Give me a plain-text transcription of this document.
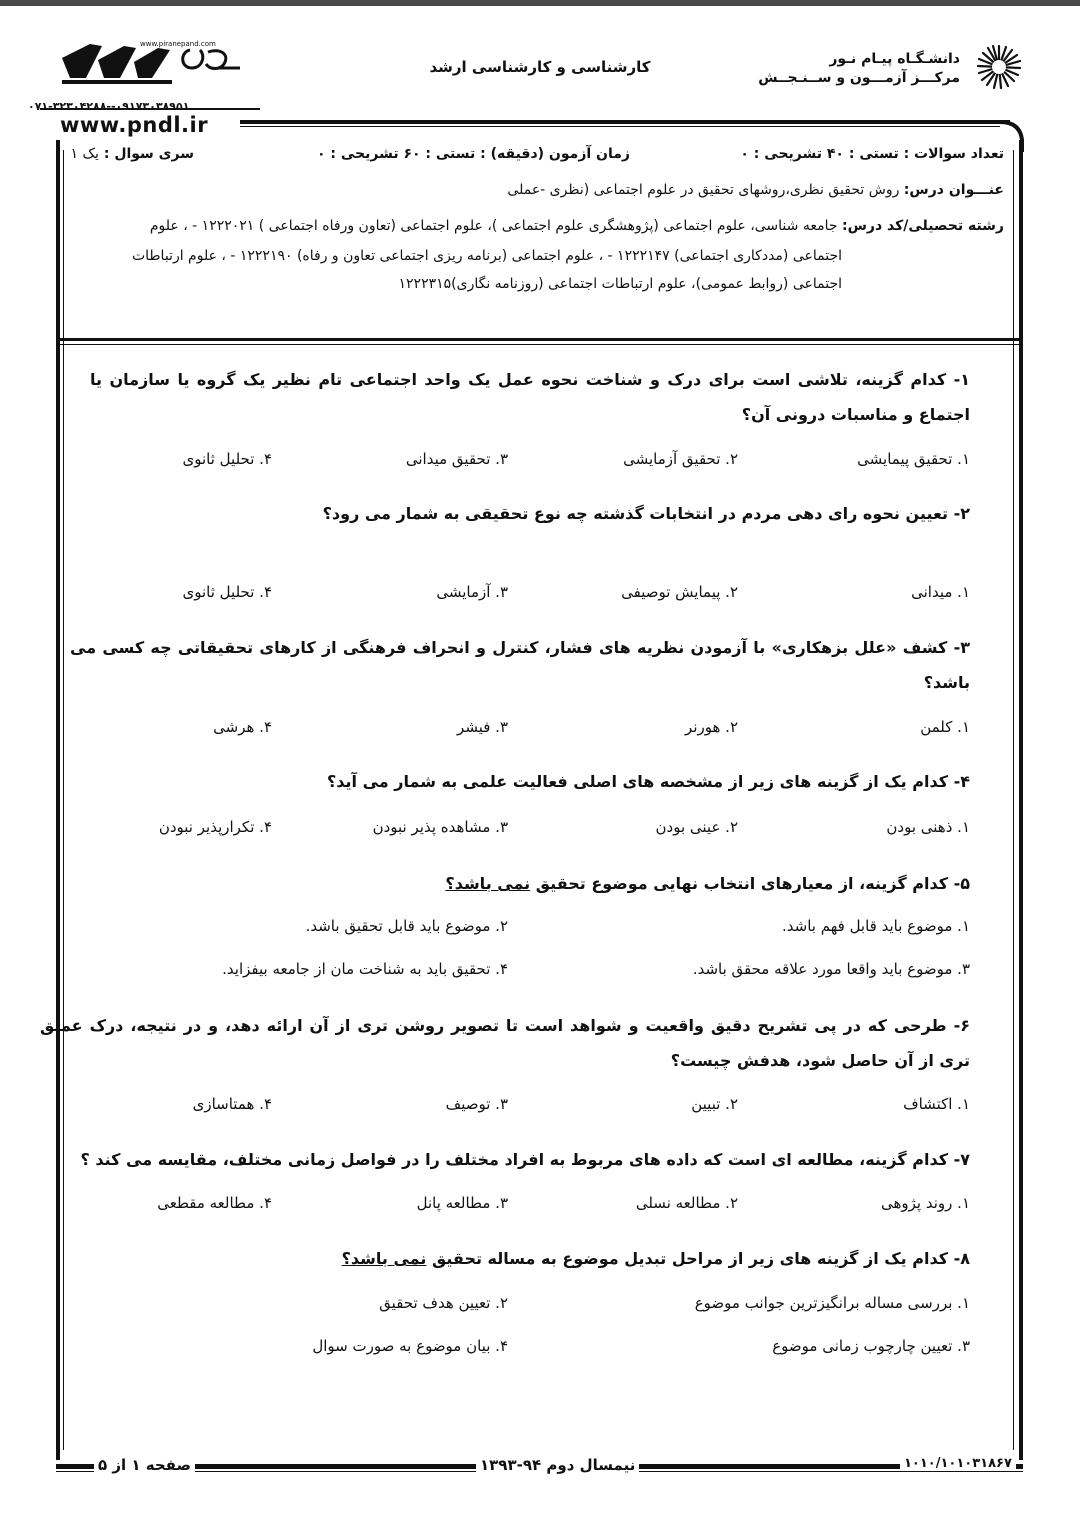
دانشـگـاه پیـام نـور
مرکـــز آزمـــون و ســنـجــش
کارشناسی و کارشناسی ارشد
www.piranepand.com
۰۷۱-۳۲۳۰۴۲۸۸--۰۹۱۷۳۰۳۸۹۵۱
www.pndl.ir
تعداد سوالات : تستی : ۴۰ تشریحی : ۰
زمان آزمون (دقیقه) : تستی : ۶۰ تشریحی : ۰
سری سوال : یک ۱
عنـــوان درس: روش تحقیق نظری،روشهای تحقیق در علوم اجتماعی (نظری -عملی
رشته تحصیلی/کد درس: جامعه شناسی، علوم اجتماعی (پژوهشگری علوم اجتماعی )، علوم اجتماعی (تعاون ورفاه اجتماعی ) ۱۲۲۲۰۲۱ - ، علوم
اجتماعی (مددکاری اجتماعی) ۱۲۲۲۱۴۷ - ، علوم اجتماعی (برنامه ریزی اجتماعی تعاون و رفاه) ۱۲۲۲۱۹۰ - ، علوم ارتباطات
اجتماعی (روابط عمومی)، علوم ارتباطات اجتماعی (روزنامه نگاری)۱۲۲۲۳۱۵
۱- کدام گزینه، تلاشی است برای درک و شناخت نحوه عمل یک واحد اجتماعی تام نظیر یک گروه یا سازمان یا اجتماع و مناسبات درونی آن؟
۱. تحقیق پیمایشی
۲. تحقیق آزمایشی
۳. تحقیق میدانی
۴. تحلیل ثانوی
۲- تعیین نحوه رای دهی مردم در انتخابات گذشته چه نوع تحقیقی به شمار می رود؟
۱. میدانی
۲. پیمایش توصیفی
۳. آزمایشی
۴. تحلیل ثانوی
۳- کشف «علل بزهکاری» با آزمودن نظریه های فشار، کنترل و انحراف فرهنگی از کارهای تحقیقاتی چه کسی می باشد؟
۱. کلمن
۲. هورنر
۳. فیشر
۴. هرشی
۴- کدام یک از گزینه های زیر از مشخصه های اصلی فعالیت علمی به شمار می آید؟
۱. ذهنی بودن
۲. عینی بودن
۳. مشاهده پذیر نبودن
۴. تکرارپذیر نبودن
۵- کدام گزینه، از معیارهای انتخاب نهایی موضوع تحقیق نمی باشد؟
۱. موضوع باید قابل فهم باشد.
۲. موضوع باید قابل تحقیق باشد.
۳. موضوع باید واقعا مورد علاقه محقق باشد.
۴. تحقیق باید به شناخت مان از جامعه بیفزاید.
۶- طرحی که در پی تشریح دقیق واقعیت و شواهد است تا تصویر روشن تری از آن ارائه دهد، و در نتیجه، درک عمیق تری از آن حاصل شود، هدفش چیست؟
۱. اکتشاف
۲. تبیین
۳. توصیف
۴. همتاسازی
۷- کدام گزینه، مطالعه ای است که داده های مربوط به افراد مختلف را در فواصل زمانی مختلف، مقایسه می کند ؟
۱. روند پژوهی
۲. مطالعه نسلی
۳. مطالعه پانل
۴. مطالعه مقطعی
۸- کدام یک از گزینه های زیر از مراحل تبدیل موضوع به مساله تحقیق نمی باشد؟
۱. بررسی مساله برانگیزترین جوانب موضوع
۲. تعیین هدف تحقیق
۳. تعیین چارچوب زمانی موضوع
۴. بیان موضوع به صورت سوال
۱۰۱۰/۱۰۱۰۳۱۸۶۷
نیمسال دوم ۹۴-۱۳۹۳
صفحه ۱ از ۵
